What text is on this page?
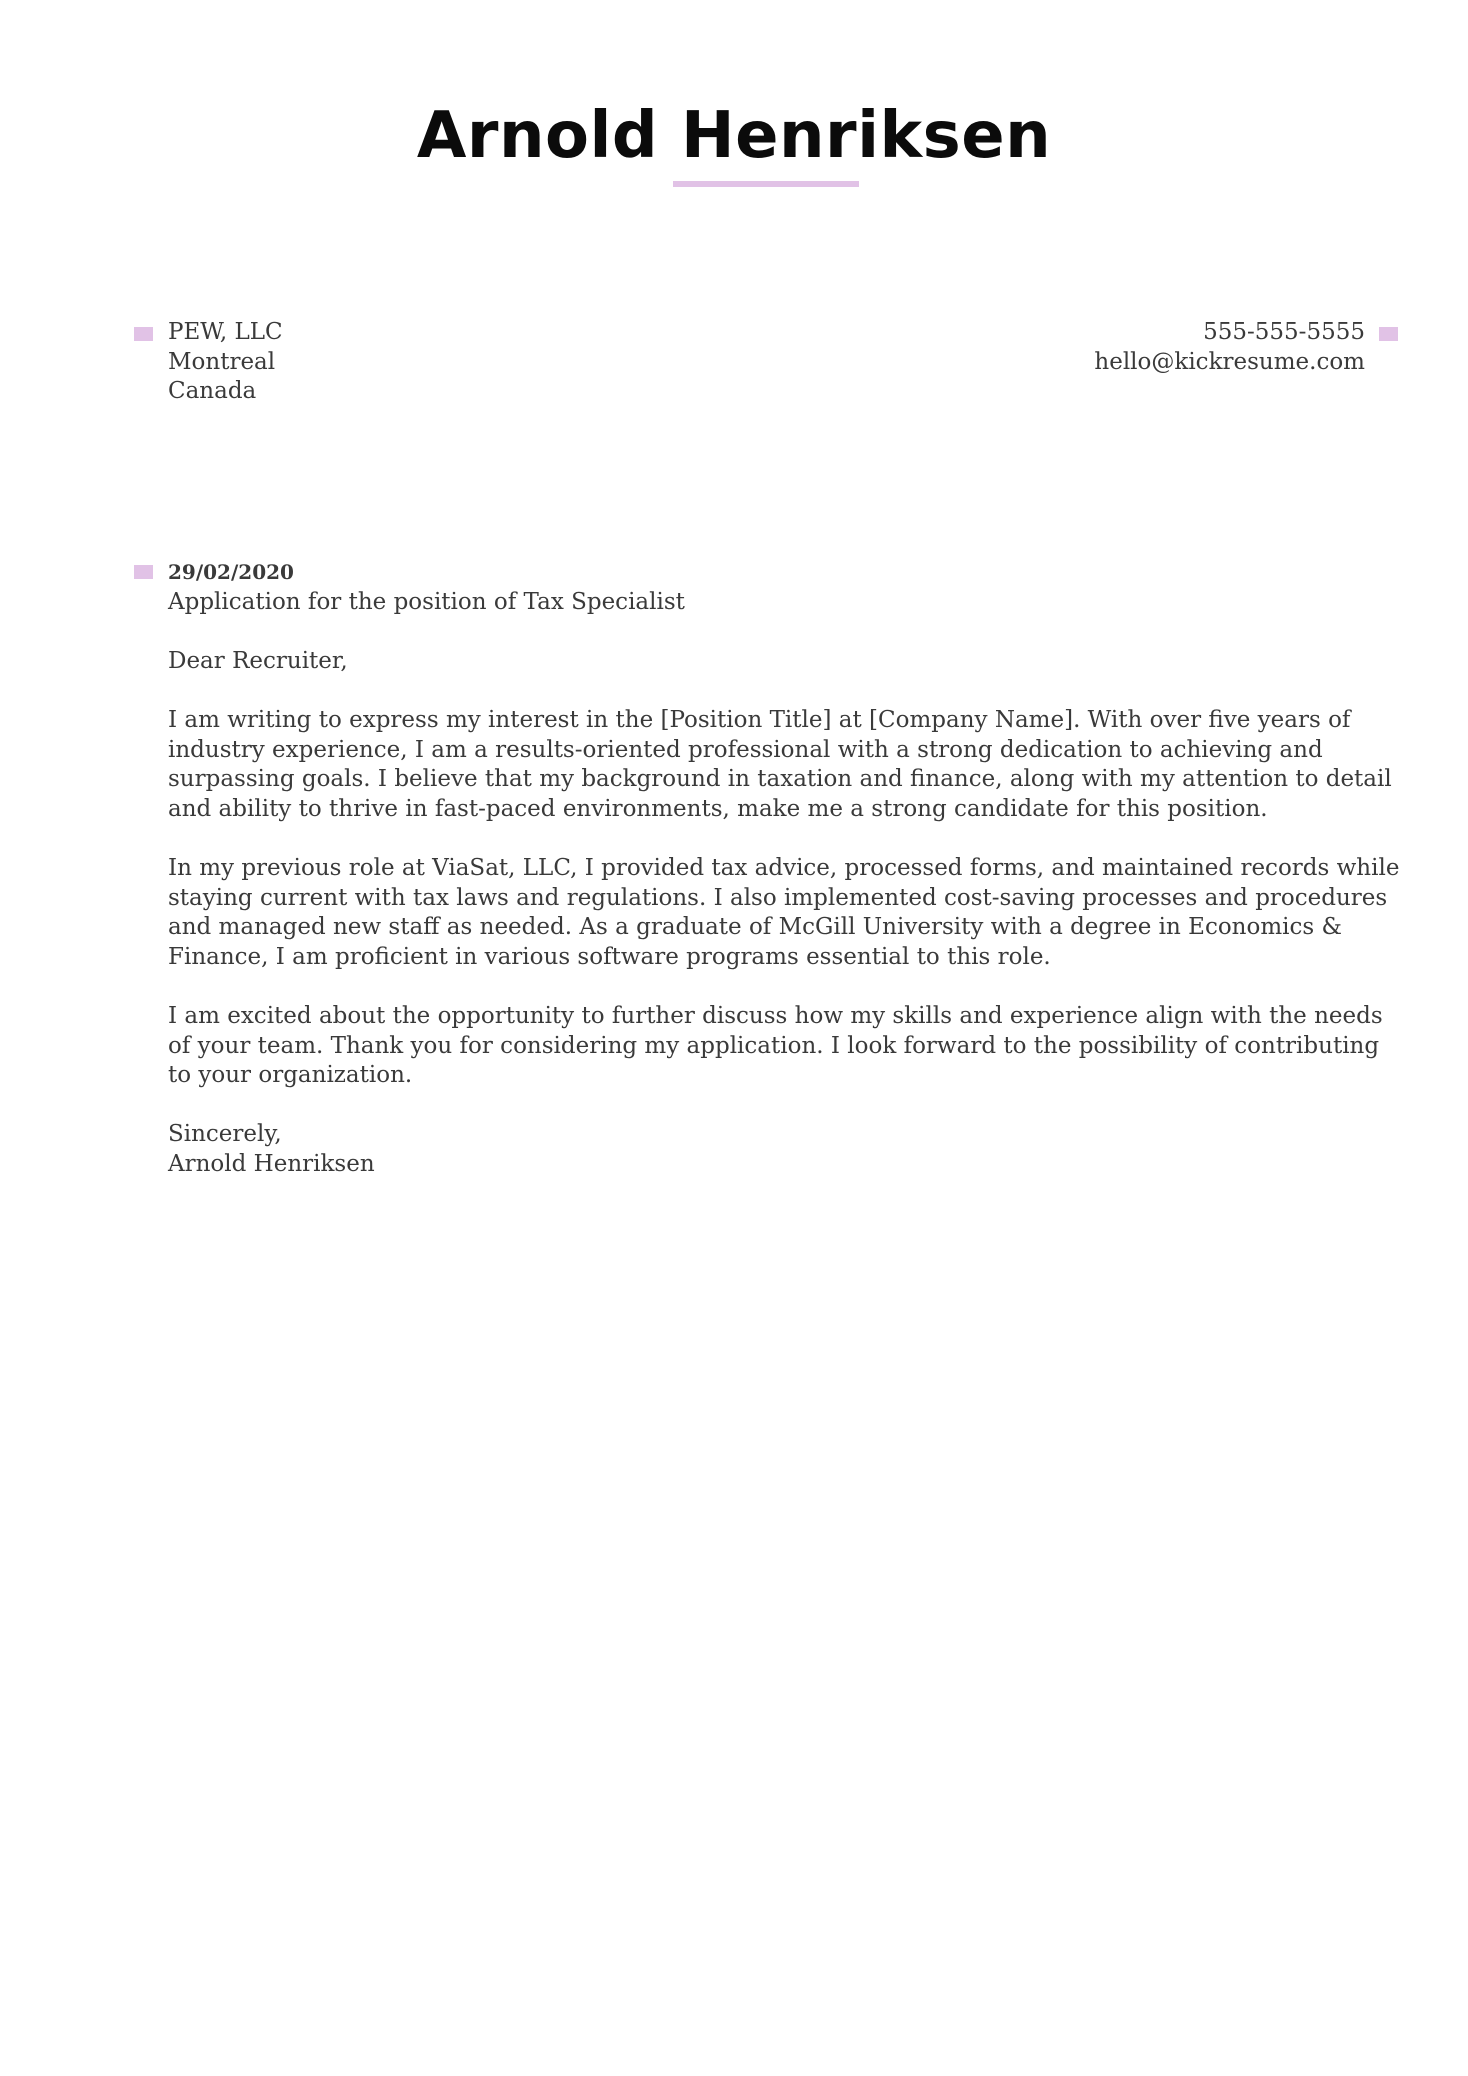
Arnold Henriksen
PEW, LLC
Montreal
Canada
555-555-5555
hello@kickresume.com
29/02/2020
Application for the position of Tax Specialist
Dear Recruiter,
I am writing to express my interest in the [Position Title] at [Company Name]. With over five years of
industry experience, I am a results-oriented professional with a strong dedication to achieving and
surpassing goals. I believe that my background in taxation and finance, along with my attention to detail
and ability to thrive in fast-paced environments, make me a strong candidate for this position.
In my previous role at ViaSat, LLC, I provided tax advice, processed forms, and maintained records while
staying current with tax laws and regulations. I also implemented cost-saving processes and procedures
and managed new staff as needed. As a graduate of McGill University with a degree in Economics &
Finance, I am proficient in various software programs essential to this role.
I am excited about the opportunity to further discuss how my skills and experience align with the needs
of your team. Thank you for considering my application. I look forward to the possibility of contributing
to your organization.
Sincerely,
Arnold Henriksen
